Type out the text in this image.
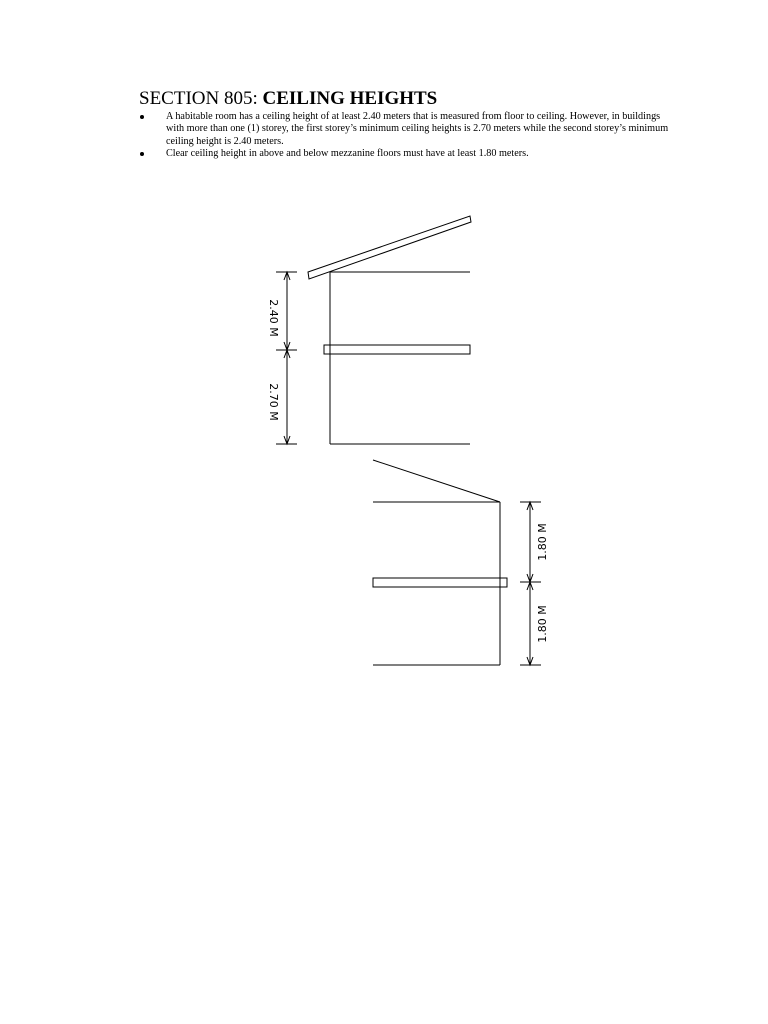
SECTION 805: CEILING HEIGHTS
A habitable room has a ceiling height of at least 2.40 meters that is measured from floor to ceiling. However, in buildings with more than one (1) storey, the first storey’s minimum ceiling heights is 2.70 meters while the second storey’s minimum ceiling height is 2.40 meters.
Clear ceiling height in above and below mezzanine floors must have at least 1.80 meters.
2.40 M
2.70 M
1.80 M
1.80 M
